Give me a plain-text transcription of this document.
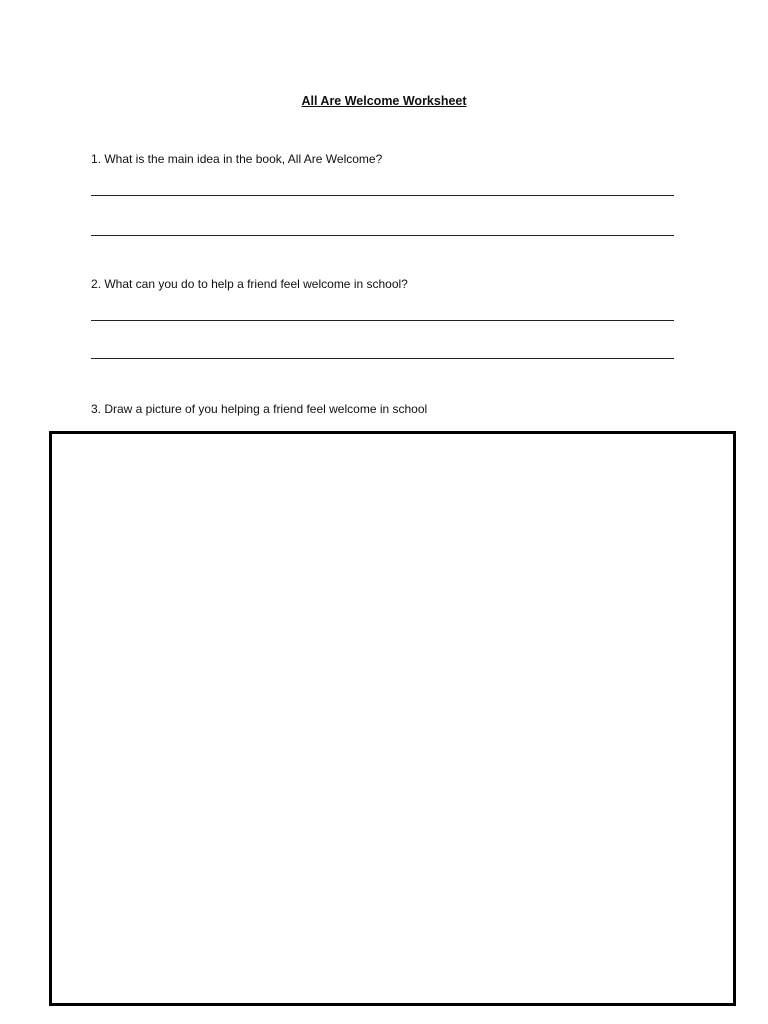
All Are Welcome Worksheet
1. What is the main idea in the book, All Are Welcome?
2. What can you do to help a friend feel welcome in school?
3. Draw a picture of you helping a friend feel welcome in school
